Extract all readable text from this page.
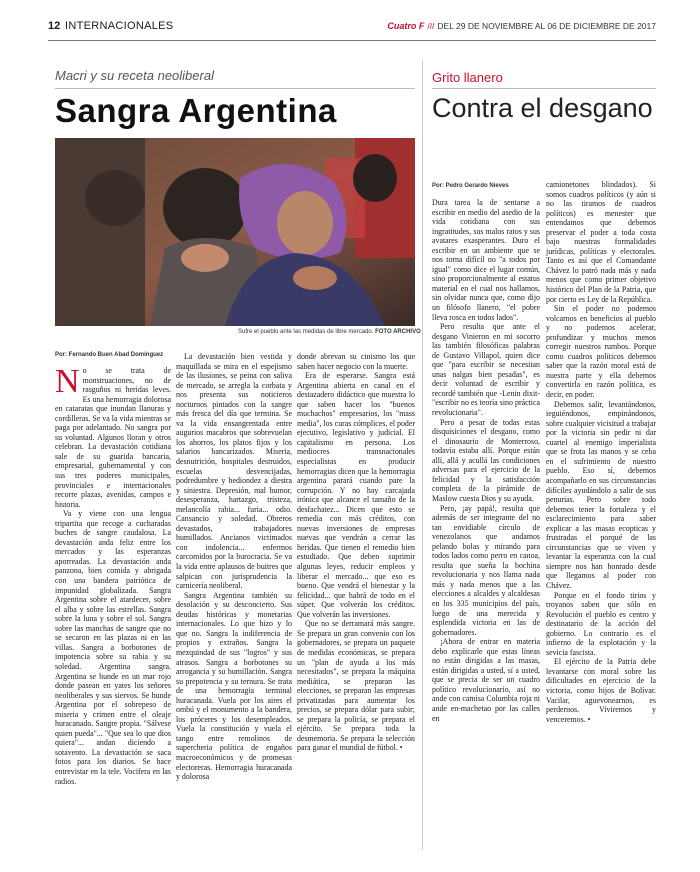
12 INTERNACIONALES	Cuatro F /// DEL 29 DE NOVIEMBRE AL 06 DE DICIEMBRE DE 2017
Macri y su receta neoliberal
Sangra Argentina
Sufre el pueblo ante las medidas de libre mercado. FOTO ARCHIVO
Por: Fernando Buen Abad Domínguez

No se trata de monstruaciones, no de rasguños ni heridas leves. Es una hemorragia dolorosa en cataratas que inundan llanuras y cordilleras. Se va la vida mientras se paga por adelantado. No sangra por su voluntad. Algunos lloran y otros celebran. La devastación cotidiana sale de su guarida bancaria, empresarial, gubernamental y con sus tres poderes municipales, provinciales e internacionales recorre plazas, avenidas, campos e historia.

Va y viene con una lengua tripartita que recoge a cucharadas buches de sangre caudalosa. La devastación anda feliz entre los mercados y las esperanzas aporreadas. La devastación anda panzona, bien comida y abrigada con una bandera patriótica de impunidad globalizada. Sangra Argentina sobre el atardecer, sobre el alba y sobre las estrellas. Sangra sobre la luna y sobre el sol. Sangra sobre las manchas de sangre que no se secaron en las plazas ni en las villas. Sangra a borbotones de impotencia sobre su rabia y su soledad. Argentina sangra. Argentina se hunde en un mar rojo donde pasean en yates los señores neoliberales y sus siervos. Se hunde Argentina por el sobrepeso de miseria y crimen entre el oleaje huracanado. Sangre propia. "Sálvese quien pueda"... "Que sea lo que dios quiera"... andan diciendo a sotavento. La devastación se saca fotos para los diarios. Se hace entrevistar en la tele. Vocifera en las radios.

La devastación bien vestida y maquillada se mira en el espejismo de las ilusiones, se peina con saliva de mercado, se arregla la corbata y nos presenta sus noticieros nocturnos pintados con la sangre más fresca del día que termina. Se va la vida ensangrentada entre augurios macabros que sobrevuelan los ahorros, los platos fijos y los salarios bancarizados. Miseria, desnutrición, hospitales destruidos, escuelas desvencijadas, podredumbre y hediondez a diestra y siniestra. Depresión, mal humor, desesperanza, hartazgo, tristeza, melancolía rabia... furia... odio. Cansancio y soledad. Obreros devastados, trabajadores humillados. Ancianos victimados con indolencia... enfermos carcomidos por la burocracia. Se va la vida entre aplausos de buitres que salpican con jurisprudencia la carnicería neoliberal.

Sangra Argentina también su desolación y su desconcierto. Sus deudas históricas y monetarias internacionales. Lo que hizo y lo que no. Sangra la indiferencia de propios y extraños. Sangra la mezquindad de sus "logros" y sus atrasos. Sangra a borbotones su arrogancia y su humillación. Sangra su prepotencia y su ternura. Se trata de una hemorragia terminal huracanada. Vuela por los aires el ombú y el monumento a la bandera, los próceres y los desempleados. Vuela la constitución y vuela el tango entre remolinos de supercheria política de engaños macroeconómicos y de promesas electoreras. Hemorragia huracanada y dolorosa

donde abrevan su cinismo los que saben hacer negocio con la muerte.

Era de esperarse. Sangra está Argentina abierta en canal en el destazadero didáctico que muestra lo que saben hacer los "buenos muchachos" empresarios, los "mass media", los curas cómplices, el poder ejecutivo, legislativo y judicial. El capitalismo en persona. Los mediocres transnacionales especialistas en producir hemorragias dicen que la hemorragia argentina parará cuando pare la corrupción. Y no hay carcajada irónica que alcance el tamaño de la desfachatez... Dicen que esto se remedia con más créditos, con nuevas inversiones de empresas nuevas que vendrán a cerrar las heridas. Que tienen el remedio bien estudiado. Que deben suprimir algunas leyes, reducir empleos y liberar el mercado... que eso es bueno. Que vendrá el bienestar y la felicidad... que habrá de todo en el súper. Que volverán los créditos. Que volverán las inversiones.

Que no se derramará más sangre. Se prepara un gran convenio con los gobernadores, se prepara un paquete de medidas económicas, se prepara un "plan de ayuda a los más necesitados", se prepara la máquina mediática, se preparan las elecciones, se preparan las empresas privatizadas para aumentar los precios, se prepara dólar para subir; se prepara la policía, se prepara el ejército. Se prepara toda la desmemoria. Se prepara la selección para ganar el mundial de fútbol. •

Grito llanero
Contra el desgano
Por: Pedro Gerardo Nieves

Dura tarea la de sentarse a escribir en medio del asedio de la vida cotidiana con sus ingratitudes, sus malos ratos y sus avatares exasperantes. Duro el escribir en un ambiente que se nos torna difícil no "a todos por igual" como dice el lugar común, sino proporcionalmente al estatus material en el cual nos hallamos, sin olvidar nunca que, como dijo un filósofo llanero, "el pobre lleva rosca en todos lados".

Pero resulta que ante el desgano Vinieron en mi socorro las también filosóficas palabras de Gustavo Villapol, quien dice que "para escribir se necesitan unas nalgas bien pesadas", es decir voluntad de escribir y recordé también que -Lenin dixit- "escribir no es teoría sino práctica revolucionaria".

Pero a pesar de todas estas disquisiciones el desgano, como el dinosaurio de Monterroso, todavía estaba allí. Porque están allí, allá y acullá las condiciones adversas para el ejercicio de la felicidad y la satisfacción completa de la pirámide de Maslow cuesta Dios y su ayuda.

Pero, ¡ay papá!, resulta que además de ser integrante del no tan envidiable círculo de venezolanos que andamos pelando bolas y mirando para todos lados como perro en canoa, resulta que sueña la bochina revolucionaria y nos llama nada más y nada menos que a las elecciones a alcaldes y alcaldesas en los 335 municipios del país, luego de una merecida y esplendida victoria en las de gobernadores.

¡Ahora de entrar en materia debo explicarle que estas líneas no están dirigidas a las masas, están dirigidas a usted, sí a usted, que se precia de ser un cuadro político revolucionario, así no ande con camisa Columbia roja ni ande en-machetao por las calles en

camionetones blindados). Si somos cuadros políticos (y aún si no las tiramos de cuadros políticos) es menester que entendamos que debemos preservar el poder a toda costa bajo nuestras formalidades jurídicas, políticas y electorales. Tanto es así que el Comandante Chávez lo patró nada más y nada menos que como primer objetivo histórico del Plan de la Patria, que por cierto es Ley de la República.

Sin el poder no podemos volcarnos en beneficios al pueblo y no podemos acelerar, profundizar y muchos menos corregir nuestros rumbos. Porque como cuadros políticos debemos saber que la razón moral está de nuestra parte y ella debemos convertirla en razón política, es decir, en poder.

Debemos salir, levantándonos, ieguiéndonos, empinándonos, sobre cualquier vicisitud a trabajar por la victoria sin pedir ni dar cuartel al enemigo imperialista que se frota las manos y se ceba en el sufrimiento de nuestro pueblo. Eso sí, debemos acompañarlo en sus circunstancias difíciles ayudándolo a salir de sus penurias. Pero sobre todo debemos tener la fortaleza y el esclarecimiento para saber explicar a las masas ecopticas y frustradas el porqué de las circunstancias que se viven y levantar la esperanza con la cual siempre nos han honrado desde que llegamos al poder con Chávez.

Porque en el fondo tirios y troyanos saben que sólo en Revolución el pueblo es centro y destinatario de la acción del gobierno. Lo contrario es el infierno de la explotación y la sevicia fascista.

El ejército de la Patria debe levantarse con moral sobre las dificultades en ejercicio de la victoria, como hijos de Bolívar. Vacilar, aguevonearnos, es perdernos. Viviremos y venceremos. •
